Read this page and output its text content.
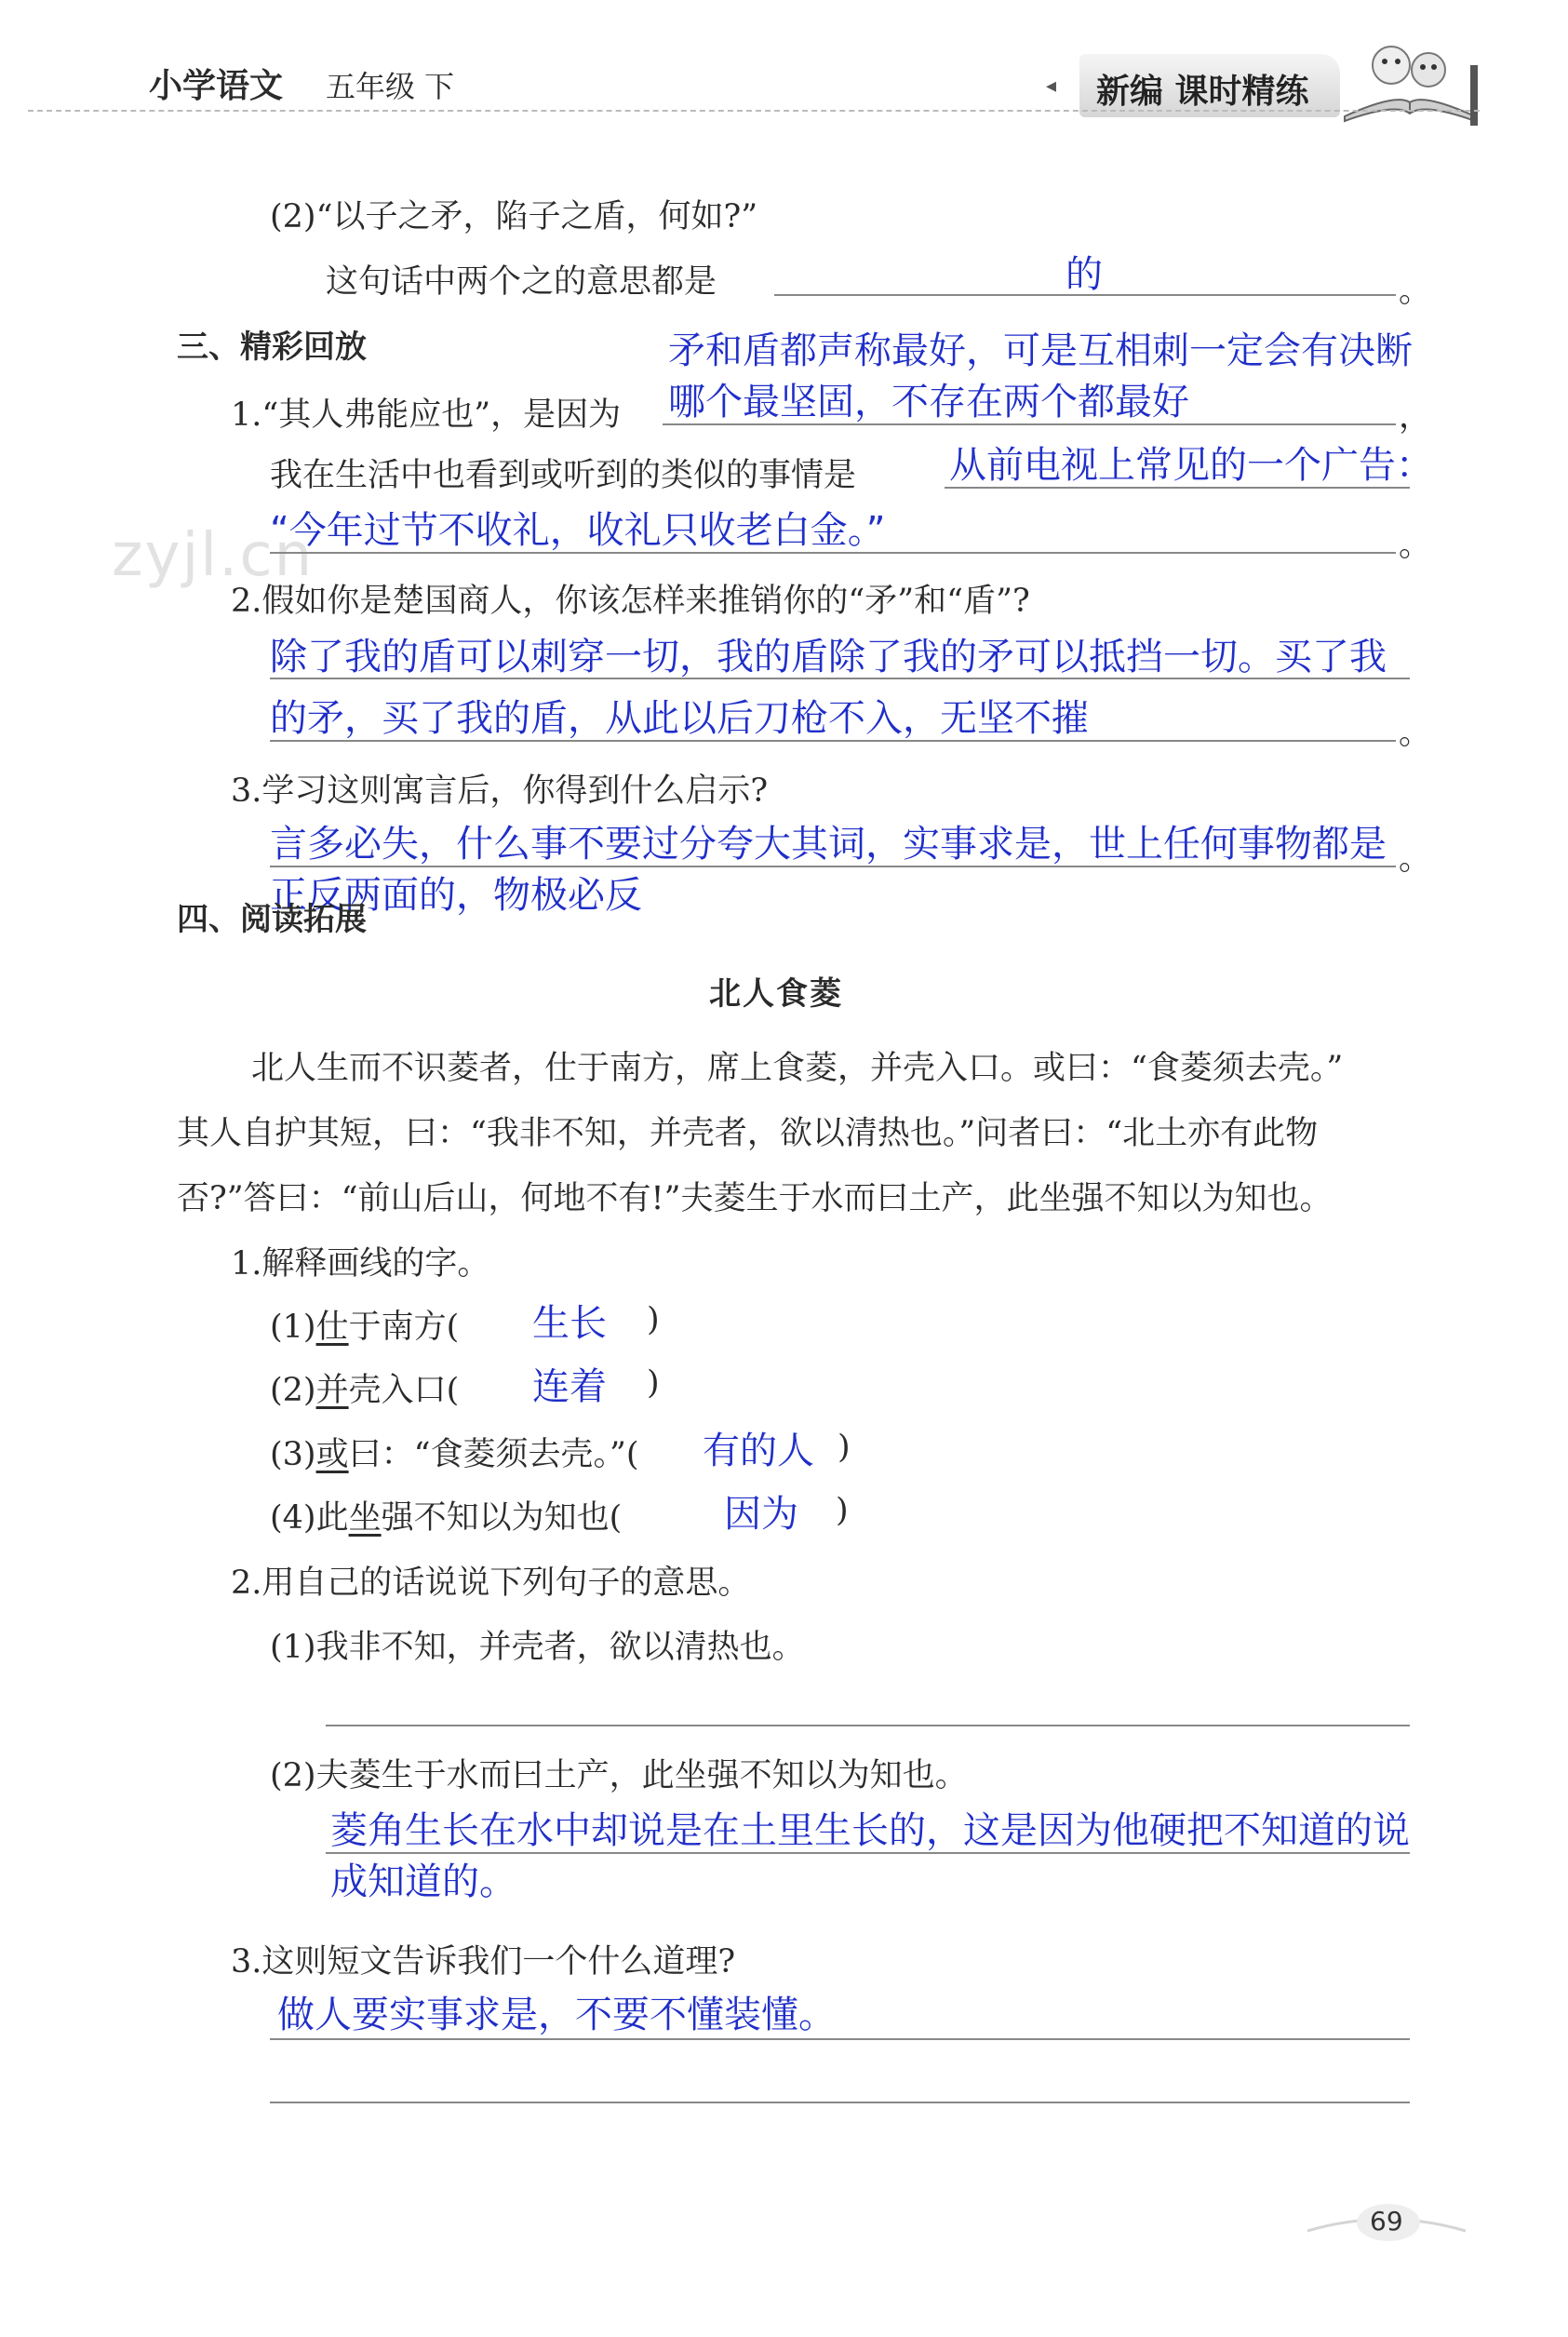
小学语文 五年级 下	◂ 新编 课时精练
zyjl.cn
(2)“以子之矛，陷子之盾，何如?”
这句话中两个之的意思都是	的	。
三、精彩回放	矛和盾都声称最好，可是互相刺一定会有决断
1.“其人弗能应也”，是因为 哪个最坚固，不存在两个都最好	，
我在生活中也看到或听到的类似的事情是 从前电视上常见的一个广告：
“今年过节不收礼，收礼只收老白金。”	。
2.假如你是楚国商人，你该怎样来推销你的“矛”和“盾”?
除了我的盾可以刺穿一切，我的盾除了我的矛可以抵挡一切。买了我
的矛，买了我的盾，从此以后刀枪不入，无坚不摧	。
3.学习这则寓言后，你得到什么启示?
言多必失，什么事不要过分夸大其词，实事求是，世上任何事物都是 。
正反两面的，物极必反
四、阅读拓展
北人食菱
北人生而不识菱者，仕于南方，席上食菱，并壳入口。或曰：“食菱须去壳。”
其人自护其短，曰：“我非不知，并壳者，欲以清热也。”问者曰：“北土亦有此物
否?”答曰：“前山后山，何地不有!”夫菱生于水而曰土产，此坐强不知以为知也。
1.解释画线的字。
(1)仕于南方( 生长 )
(2)并壳入口( 连着 )
(3)或曰：“食菱须去壳。”( 有的人 )
(4)此坐强不知以为知也(	因为 )
2.用自己的话说说下列句子的意思。
(1)我非不知，并壳者，欲以清热也。
(2)夫菱生于水而曰土产，此坐强不知以为知也。
菱角生长在水中却说是在土里生长的，这是因为他硬把不知道的说
成知道的。
3.这则短文告诉我们一个什么道理?
做人要实事求是，不要不懂装懂。
69
